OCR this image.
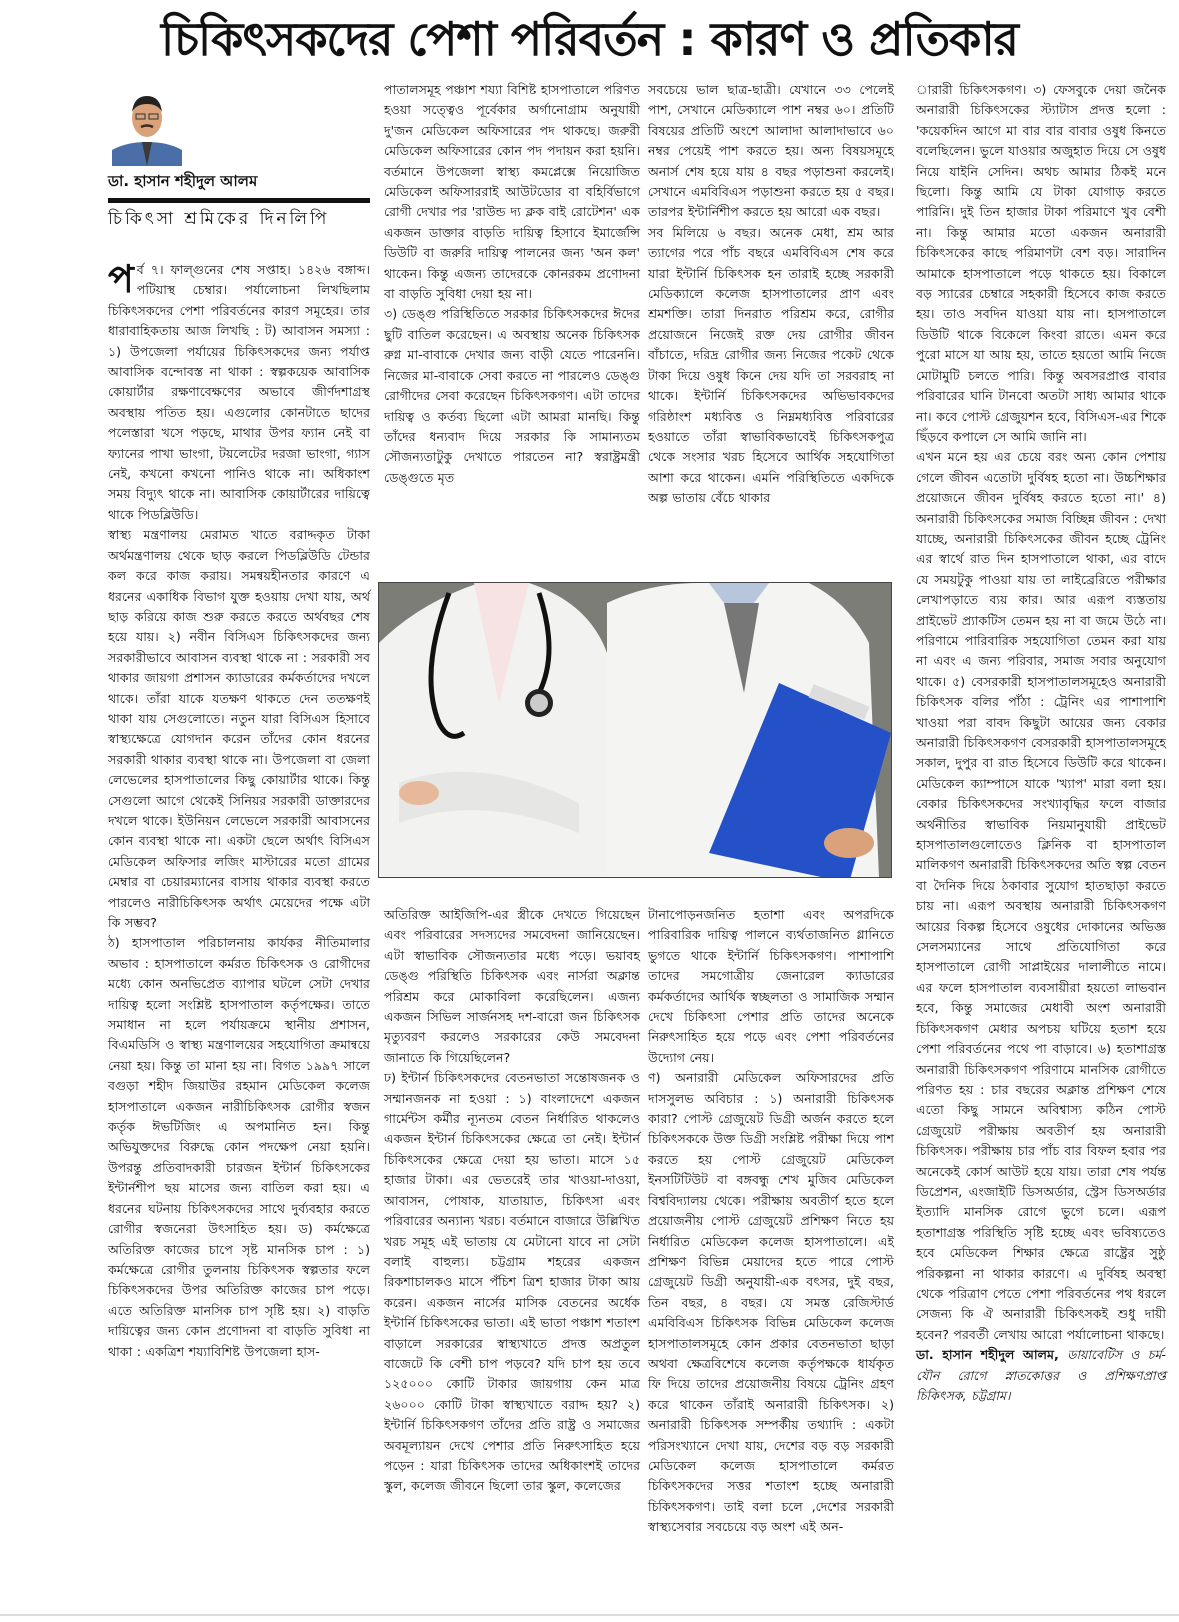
চিকিৎসকদের পেশা পরিবর্তন : কারণ ও প্রতিকার
ডা. হাসান শহীদুল আলম
চিকিৎসা শ্রমিকের দিনলিপি

পর্ব ৭। ফাল্গুনের শেষ সপ্তাহ। ১৪২৬ বঙ্গাব্দ। পটিয়াস্থ চেম্বার। পর্যালোচনা লিখছিলাম চিকিৎসকদের পেশা পরিবর্তনের কারণ সমূহের। তার ধারাবাহিকতায় আজ লিখছি : ট) আবাসন সমস্যা : ১) উপজেলা পর্যায়ের চিকিৎসকদের জন্য পর্যাপ্ত আবাসিক বন্দোবস্ত না থাকা : স্বল্পকয়েক আবাসিক কোয়ার্টার রক্ষণাবেক্ষণের অভাবে জীর্ণদশাগ্রস্থ অবস্থায় পতিত হয়। এগুলোর কোনটাতে ছাদের পলেস্তারা খসে পড়ছে, মাথার উপর ফ্যান নেই বা ফ্যানের পাখা ভাংগা, টয়লেটের দরজা ভাংগা, গ্যাস নেই, কখনো কখনো পানিও থাকে না। অধিকাংশ সময় বিদ্যুৎ থাকে না। আবাসিক কোয়ার্টারের দায়িত্বে থাকে পিডব্লিউডি।

স্বাস্থ্য মন্ত্রণালয় মেরামত খাতে বরাদ্দকৃত টাকা অর্থমন্ত্রণালয় থেকে ছাড় করলে পিডব্লিউডি টেন্ডার কল করে কাজ করায়। সমন্বয়হীনতার কারণে এ ধরনের একাধিক বিভাগ যুক্ত হওয়ায় দেখা যায়, অর্থ ছাড় করিয়ে কাজ শুরু করতে করতে অর্থবছর শেষ হয়ে যায়। ২) নবীন বিসিএস চিকিৎসকদের জন্য সরকারীভাবে আবাসন ব্যবস্থা থাকে না : সরকারী সব থাকার জায়গা প্রশাসন ক্যাডারের কর্মকর্তাদের দখলে থাকে। তাঁরা যাকে যতক্ষণ থাকতে দেন ততক্ষণই থাকা যায় সেগুলোতে। নতুন যারা বিসিএস হিসাবে স্বাস্থ্যক্ষেত্রে যোগদান করেন তাঁদের কোন ধরনের সরকারী থাকার ব্যবস্থা থাকে না। উপজেলা বা জেলা লেভেলের হাসপাতালের কিছু কোয়ার্টার থাকে। কিন্তু সেগুলো আগে থেকেই সিনিয়র সরকারী ডাক্তারদের দখলে থাকে। ইউনিয়ন লেভেলে সরকারী আবাসনের কোন ব্যবস্থা থাকে না। একটা ছেলে অর্থাৎ বিসিএস মেডিকেল অফিসার লজিং মাস্টারের মতো গ্রামের মেম্বার বা চেয়ারম্যানের বাসায় থাকার ব্যবস্থা করতে পারলেও নারীচিকিৎসক অর্থাৎ মেয়েদের পক্ষে এটা কি সম্ভব?

ঠ) হাসপাতাল পরিচালনায় কার্যকর নীতিমালার অভাব : হাসপাতালে কর্মরত চিকিৎসক ও রোগীদের মধ্যে কোন অনভিপ্রেত ব্যাপার ঘটলে সেটা দেখার দায়িত্ব হলো সংশ্লিষ্ট হাসপাতাল কর্তৃপক্ষের। তাতে সমাধান না হলে পর্যায়ক্রমে স্থানীয় প্রশাসন, বিএমডিসি ও স্বাস্থ্য মন্ত্রণালয়ের সহযোগিতা ক্রমান্বয়ে নেয়া হয়। কিন্তু তা মানা হয় না। বিগত ১৯৯৭ সালে বগুড়া শহীদ জিয়াউর রহমান মেডিকেল কলেজ হাসপাতালে একজন নারীচিকিৎসক রোগীর স্বজন কর্তৃক ঈভটিজিং এ অপমানিত হন। কিন্তু অভিযুক্তদের বিরুদ্ধে কোন পদক্ষেপ নেয়া হয়নি। উপরন্তু প্রতিবাদকারী চারজন ইন্টার্ন চিকিৎসকের ইন্টার্নশীপ ছয় মাসের জন্য বাতিল করা হয়। এ ধরনের ঘটনায় চিকিৎসকদের সাথে দুর্ব্যবহার করতে রোগীর স্বজনেরা উৎসাহিত হয়। ড) কর্মক্ষেত্রে অতিরিক্ত কাজের চাপে সৃষ্ট মানসিক চাপ : ১) কর্মক্ষেত্রে রোগীর তুলনায় চিকিৎসক স্বল্পতার ফলে চিকিৎসকদের উপর অতিরিক্ত কাজের চাপ পড়ে। এতে অতিরিক্ত মানসিক চাপ সৃষ্টি হয়। ২) বাড়তি দায়িত্বের জন্য কোন প্রণোদনা বা বাড়তি সুবিধা না থাকা : একত্রিশ শয্যাবিশিষ্ট উপজেলা হাস-

পাতালসমূহ পঞ্চাশ শয্যা বিশিষ্ট হাসপাতালে পরিণত হওয়া সত্ত্বেও পূর্বেকার অর্গানোগ্রাম অনুযায়ী দু'জন মেডিকেল অফিসারের পদ থাকছে। জরুরী মেডিকেল অফিসারের কোন পদ পদায়ন করা হয়নি। বর্তমানে উপজেলা স্বাস্থ্য কমপ্লেক্সে নিয়োজিত মেডিকেল অফিসাররাই আউটডোর বা বহির্বিভাগে রোগী দেখার পর 'রাউন্ড দ্য ক্লক বাই রোটেশন' এক একজন ডাক্তার বাড়তি দায়িত্ব হিসাবে ইমার্জেন্সি ডিউটি বা জরুরি দায়িত্ব পালনের জন্য 'অন কল' থাকেন। কিন্তু এজন্য তাদেরকে কোনরকম প্রণোদনা বা বাড়তি সুবিধা দেয়া হয় না।

৩) ডেঙ্গু পরিস্থিতিতে সরকার চিকিৎসকদের ঈদের ছুটি বাতিল করেছেন। এ অবস্থায় অনেক চিকিৎসক রুগ্ন মা-বাবাকে দেখার জন্য বাড়ী যেতে পারেননি। নিজের মা-বাবাকে সেবা করতে না পারলেও ডেঙ্গু রোগীদের সেবা করেছেন চিকিৎসকগণ। এটা তাদের দায়িত্ব ও কর্তব্য ছিলো এটা আমরা মানছি। কিন্তু তাঁদের ধন্যবাদ দিয়ে সরকার কি সামান্যতম সৌজন্যতাটুকু দেখাতে পারতেন না? স্বরাষ্ট্রমন্ত্রী ডেঙ্গুতে মৃত

সবচেয়ে ভাল ছাত্র-ছাত্রী। যেখানে ৩৩ পেলেই পাশ, সেখানে মেডিক্যালে পাশ নম্বর ৬০। প্রতিটি বিষয়ের প্রতিটি অংশে আলাদা আলাদাভাবে ৬০ নম্বর পেয়েই পাশ করতে হয়। অন্য বিষয়সমূহে অনার্স শেষ হয়ে যায় ৪ বছর পড়াশুনা করলেই। সেখানে এমবিবিএস পড়াশুনা করতে হয় ৫ বছর। তারপর ইন্টার্নিশীপ করতে হয় আরো এক বছর।

সব মিলিয়ে ৬ বছর। অনেক মেধা, শ্রম আর ত্যাগের পরে পাঁচ বছরে এমবিবিএস শেষ করে যারা ইন্টার্নি চিকিৎসক হন তারাই হচ্ছে সরকারী মেডিক্যালে কলেজ হাসপাতালের প্রাণ এবং শ্রমশক্তি। তারা দিনরাত পরিশ্রম করে, রোগীর প্রয়োজনে নিজেই রক্ত দেয় রোগীর জীবন বাঁচাতে, দরিদ্র রোগীর জন্য নিজের পকেট থেকে টাকা দিয়ে ওষুধ কিনে দেয় যদি তা সরবরাহ না থাকে। ইন্টার্নি চিকিৎসকদের অভিভাবকদের গরিষ্ঠাংশ মধ্যবিত্ত ও নিম্নমধ্যবিত্ত পরিবারের হওয়াতে তাঁরা স্বাভাবিকভাবেই চিকিৎসকপুত্র থেকে সংসার খরচ হিসেবে আর্থিক সহযোগিতা আশা করে থাকেন। এমনি পরিস্থিতিতে একদিকে অল্প ভাতায় বেঁচে থাকার

ারারী চিকিৎসকগণ। ৩) ফেসবুকে দেয়া জনৈক অনারারী চিকিৎসকের স্ট্যাটাস প্রদত্ত হলো : 'কয়েকদিন আগে মা বার বার বাবার ওষুধ কিনতে বলেছিলেন। ভুলে যাওয়ার অজুহাত দিয়ে সে ওষুধ নিয়ে যাইনি সেদিন। অথচ আমার ঠিকই মনে ছিলো। কিন্তু আমি যে টাকা যোগাড় করতে পারিনি। দুই তিন হাজার টাকা পরিমাণে খুব বেশী না। কিন্তু আমার মতো একজন অনারারী চিকিৎসকের কাছে পরিমাণটা বেশ বড়। সারাদিন আমাকে হাসপাতালে পড়ে থাকতে হয়। বিকালে বড় স্যারের চেম্বারে সহকারী হিসেবে কাজ করতে হয়। তাও সবদিন যাওয়া যায় না। হাসপাতালে ডিউটি থাকে বিকেলে কিংবা রাতে। এমন করে পুরো মাসে যা আয় হয়, তাতে হয়তো আমি নিজে মোটামুটি চলতে পারি। কিন্তু অবসরপ্রাপ্ত বাবার পরিবারের ঘানি টানবো অতটা সাধ্য আমার থাকে না। কবে পোস্ট গ্রেজুয়শন হবে, বিসিএস-এর শিকে ছিঁড়বে কপালে সে আমি জানি না।

এখন মনে হয় এর চেয়ে বরং অন্য কোন পেশায় গেলে জীবন এতোটা দুর্বিষহ হতো না। উচ্চশিক্ষার প্রয়োজনে জীবন দুর্বিষহ করতে হতো না।' ৪) অনারারী চিকিৎসকের সমাজ বিচ্ছিন্ন জীবন : দেখা যাচ্ছে, অনারারী চিকিৎসকের জীবন হচ্ছে ট্রেনিং এর স্বার্থে রাত দিন হাসপাতালে থাকা, এর বাদে যে সময়টুকু পাওয়া যায় তা লাইব্রেরিতে পরীক্ষার লেখাপড়াতে ব্যয় কার। আর এরূপ ব্যস্ততায় প্রাইভেট প্র্যাকটিস তেমন হয় না বা জমে উঠে না। পরিণামে পারিবারিক সহযোগিতা তেমন করা যায় না এবং এ জন্য পরিবার, সমাজ সবার অনুযোগ থাকে। ৫) বেসরকারী হাসপাতালসমূহেও অনারারী চিকিৎসক বলির পাঁঠা : ট্রেনিং এর পাশাপাশি খাওয়া পরা বাবদ কিছুটা আয়ের জন্য বেকার অনারারী চিকিৎসকগণ বেসরকারী হাসপাতালসমূহে সকাল, দুপুর বা রাত হিসেবে ডিউটি করে থাকেন। মেডিকেল ক্যাম্পাসে যাকে 'খ্যাপ' মারা বলা হয়। বেকার চিকিৎসকদের সংখ্যাবৃদ্ধির ফলে বাজার অর্থনীতির স্বাভাবিক নিয়মানুযায়ী প্রাইভেট হাসপাতালগুলোতেও ক্লিনিক বা হাসপাতাল মালিকগণ অনারারী চিকিৎসকদের অতি স্বল্প বেতন বা দৈনিক দিয়ে ঠকাবার সুযোগ হাতছাড়া করতে চায় না। এরূপ অবস্থায় অনারারী চিকিৎসকগণ আয়ের বিকল্প হিসেবে ওষুধের দোকানের অভিজ্ঞ সেলসম্যানের সাথে প্রতিযোগিতা করে হাসপাতালে রোগী সাপ্লাইয়ের দালালীতে নামে। এর ফলে হাসপাতাল ব্যবসায়ীরা হয়তো লাভবান হবে, কিন্তু সমাজের মেধাবী অংশ অনারারী চিকিৎসকগণ মেধার অপচয় ঘটিয়ে হতাশ হয়ে পেশা পরিবর্তনের পথে পা বাড়াবে। ৬) হতাশাগ্রস্ত অনারারী চিকিৎসকগণ পরিণামে মানসিক রোগীতে পরিণত হয় : চার বছরের অক্লান্ত প্রশিক্ষণ শেষে এতো কিছু সামনে অবিশ্বাস্য কঠিন পোস্ট গ্রেজুয়েট পরীক্ষায় অবতীর্ণ হয় অনারারী চিকিৎসক। পরীক্ষায় চার পাঁচ বার বিফল হবার পর অনেকেই কোর্স আউট হয়ে যায়। তারা শেষ পর্যন্ত ডিপ্রেশন, এংজাইটি ডিসঅর্ডার, স্ট্রেস ডিসঅর্ডার ইত্যাদি মানসিক রোগে ভুগে চলে। এরূপ হতাশাগ্রস্ত পরিস্থিতি সৃষ্টি হচ্ছে এবং ভবিষ্যতেও হবে মেডিকেল শিক্ষার ক্ষেত্রে রাষ্ট্রের সুষ্ঠু পরিকল্পনা না থাকার কারণে। এ দুর্বিষহ অবস্থা থেকে পরিত্রাণ পেতে পেশা পরিবর্তনের পথ ধরলে সেজন্য কি ঐ অনারারী চিকিৎসকই শুধু দায়ী হবেন? পরবর্তী লেখায় আরো পর্যালোচনা থাকছে।

ডা. হাসান শহীদুল আলম, ডায়াবেটিস ও চর্ম-যৌন রোগে স্নাতকোত্তর ও প্রশিক্ষণপ্রাপ্ত চিকিৎসক, চট্টগ্রাম।

অতিরিক্ত আইজিপি-এর স্ত্রীকে দেখতে গিয়েছেন এবং পরিবারের সদস্যদের সমবেদনা জানিয়েছেন। এটা স্বাভাবিক সৌজন্যতার মধ্যে পড়ে। ভয়াবহ ডেঙ্গু পরিস্থিতি চিকিৎসক এবং নার্সরা অক্লান্ত পরিশ্রম করে মোকাবিলা করেছিলেন। এজন্য একজন সিভিল সার্জনসহ দশ-বারো জন চিকিৎসক মৃত্যুবরণ করলেও সরকারের কেউ সমবেদনা জানাতে কি গিয়েছিলেন?

ঢ) ইন্টার্ন চিকিৎসকদের বেতনভাতা সন্তোষজনক ও সম্মানজনক না হওয়া : ১) বাংলাদেশে একজন গার্মেন্টস কর্মীর ন্যূনতম বেতন নির্ধারিত থাকলেও একজন ইন্টার্ন চিকিৎসকের ক্ষেত্রে তা নেই। ইন্টার্ন চিকিৎসকের ক্ষেত্রে দেয়া হয় ভাতা। মাসে ১৫ হাজার টাকা। এর ভেতরেই তার খাওয়া-দাওয়া, আবাসন, পোষাক, যাতায়াত, চিকিৎসা এবং পরিবারের অন্যান্য খরচ। বর্তমানে বাজারে উল্লিখিত খরচ সমূহ এই ভাতায় যে মেটানো যাবে না সেটা বলাই বাহুল্য। চট্টগ্রাম শহরের একজন রিকশাচালকও মাসে পঁচিশ ত্রিশ হাজার টাকা আয় করেন। একজন নার্সের মাসিক বেতনের অর্ধেক ইন্টার্নি চিকিৎসকের ভাতা। এই ভাতা পঞ্চাশ শতাংশ বাড়ালে সরকারের স্বাস্থ্যখাতে প্রদত্ত অপ্রতুল বাজেটে কি বেশী চাপ পড়বে? যদি চাপ হয় তবে ১২৫০০০ কোটি টাকার জায়গায় কেন মাত্র ২৬০০০ কোটি টাকা স্বাস্থ্যখাতে বরাদ্দ হয়? ২) ইন্টার্নি চিকিৎসকগণ তাঁদের প্রতি রাষ্ট্র ও সমাজের অবমূল্যায়ন দেখে পেশার প্রতি নিরুৎসাহিত হয়ে পড়েন : যারা চিকিৎসক তাদের অধিকাংশই তাদের স্কুল, কলেজ জীবনে ছিলো তার স্কুল, কলেজের

টানাপোড়নজনিত হতাশা এবং অপরদিকে পারিবারিক দায়িত্ব পালনে ব্যর্থতাজনিত গ্লানিতে ভুগতে থাকে ইন্টার্নি চিকিৎসকগণ। পাশাপাশি তাদের সমগোত্রীয় জেনারেল ক্যাডারের কর্মকর্তাদের আর্থিক স্বচ্ছলতা ও সামাজিক সম্মান দেখে চিকিৎসা পেশার প্রতি তাদের অনেকে নিরুৎসাহিত হয়ে পড়ে এবং পেশা পরিবর্তনের উদ্যোগ নেয়।

ণ) অনারারী মেডিকেল অফিসারদের প্রতি দাসসুলভ অবিচার : ১) অনারারী চিকিৎসক কারা? পোস্ট গ্রেজুয়েট ডিগ্রী অর্জন করতে হলে চিকিৎসককে উক্ত ডিগ্রী সংশ্লিষ্ট পরীক্ষা দিয়ে পাশ করতে হয় পোস্ট গ্রেজুয়েট মেডিকেল ইনসটিটিউট বা বঙ্গবন্ধু শেখ মুজিব মেডিকেল বিশ্ববিদ্যালয় থেকে। পরীক্ষায় অবতীর্ণ হতে হলে প্রয়োজনীয় পোস্ট গ্রেজুয়েট প্রশিক্ষণ নিতে হয় নির্ধারিত মেডিকেল কলেজ হাসপাতালে। এই প্রশিক্ষণ বিভিন্ন মেয়াদের হতে পারে পোস্ট গ্রেজুয়েট ডিগ্রী অনুযায়ী-এক বৎসর, দুই বছর, তিন বছর, ৪ বছর। যে সমস্ত রেজিস্টার্ড এমবিবিএস চিকিৎসক বিভিন্ন মেডিকেল কলেজ হাসপাতালসমূহে কোন প্রকার বেতনভাতা ছাড়া অথবা ক্ষেত্রবিশেষে কলেজ কর্তৃপক্ষকে ধার্যকৃত ফি দিয়ে তাদের প্রয়োজনীয় বিষয়ে ট্রেনিং গ্রহণ করে থাকেন তাঁরাই অনারারী চিকিৎসক। ২) অনারারী চিকিৎসক সম্পর্কীয় তথ্যাদি : একটা পরিসংখ্যানে দেখা যায়, দেশের বড় বড় সরকারী মেডিকেল কলেজ হাসপাতালে কর্মরত চিকিৎসকদের সত্তর শতাংশ হচ্ছে অনারারী চিকিৎসকগণ। তাই বলা চলে ,দেশের সরকারী স্বাস্থ্যসেবার সবচেয়ে বড় অংশ এই অন-
